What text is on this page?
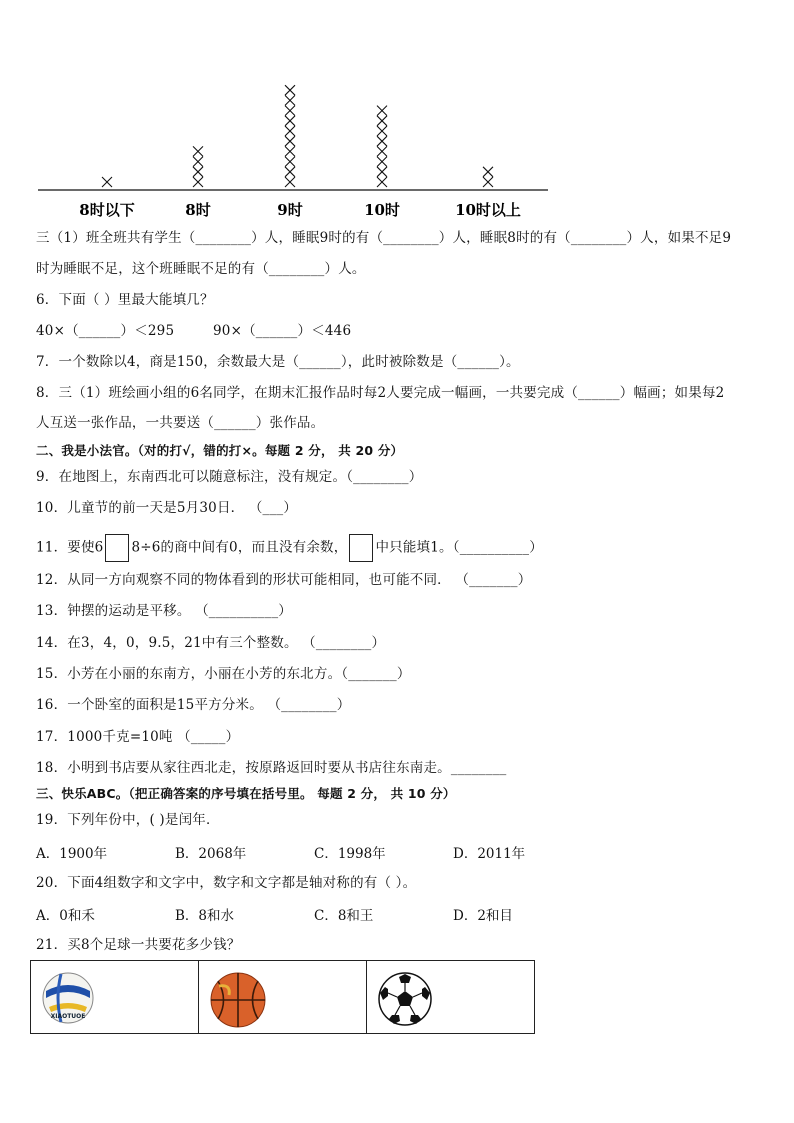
8时以下	8时	9时	10时	10时以上
三（1）班全班共有学生（________）人，睡眠9时的有（________）人，睡眠8时的有（________）人，如果不足9
时为睡眠不足，这个班睡眠不足的有（________）人。
6．下面（ ）里最大能填几？
40×（______）＜295	90×（______）＜446
7．一个数除以4，商是150，余数最大是（______），此时被除数是（______）。
8．三（1）班绘画小组的6名同学，在期末汇报作品时每2人要完成一幅画，一共要完成（______）幅画；如果每2
人互送一张作品，一共要送（______）张作品。
二、我是小法官。（对的打√，错的打×。每题 2 分， 共 20 分）
9．在地图上，东南西北可以随意标注，没有规定。（________）
10．儿童节的前一天是5月30日． （___）
11．要使6 8÷6的商中间有0，而且没有余数， 中只能填1。（__________）
12．从同一方向观察不同的物体看到的形状可能相同，也可能不同． （_______）
13．钟摆的运动是平移。 （__________）
14．在3，4，0，9.5，21中有三个整数。 （________）
15．小芳在小丽的东南方，小丽在小芳的东北方。（_______）
16．一个卧室的面积是15平方分米。 （________）
17．1000千克=10吨 （_____）
18．小明到书店要从家往西北走，按原路返回时要从书店往东南走。________
三、快乐ABC。（把正确答案的序号填在括号里。 每题 2 分， 共 10 分）
19．下列年份中，( )是闰年．
A．1900年	B．2068年	C．1998年	D．2011年
20．下面4组数字和文字中，数字和文字都是轴对称的有（ ）。
A．0和禾	B．8和水	C．8和王	D．2和目
21．买8个足球一共要花多少钱？
XIAOTUOE
